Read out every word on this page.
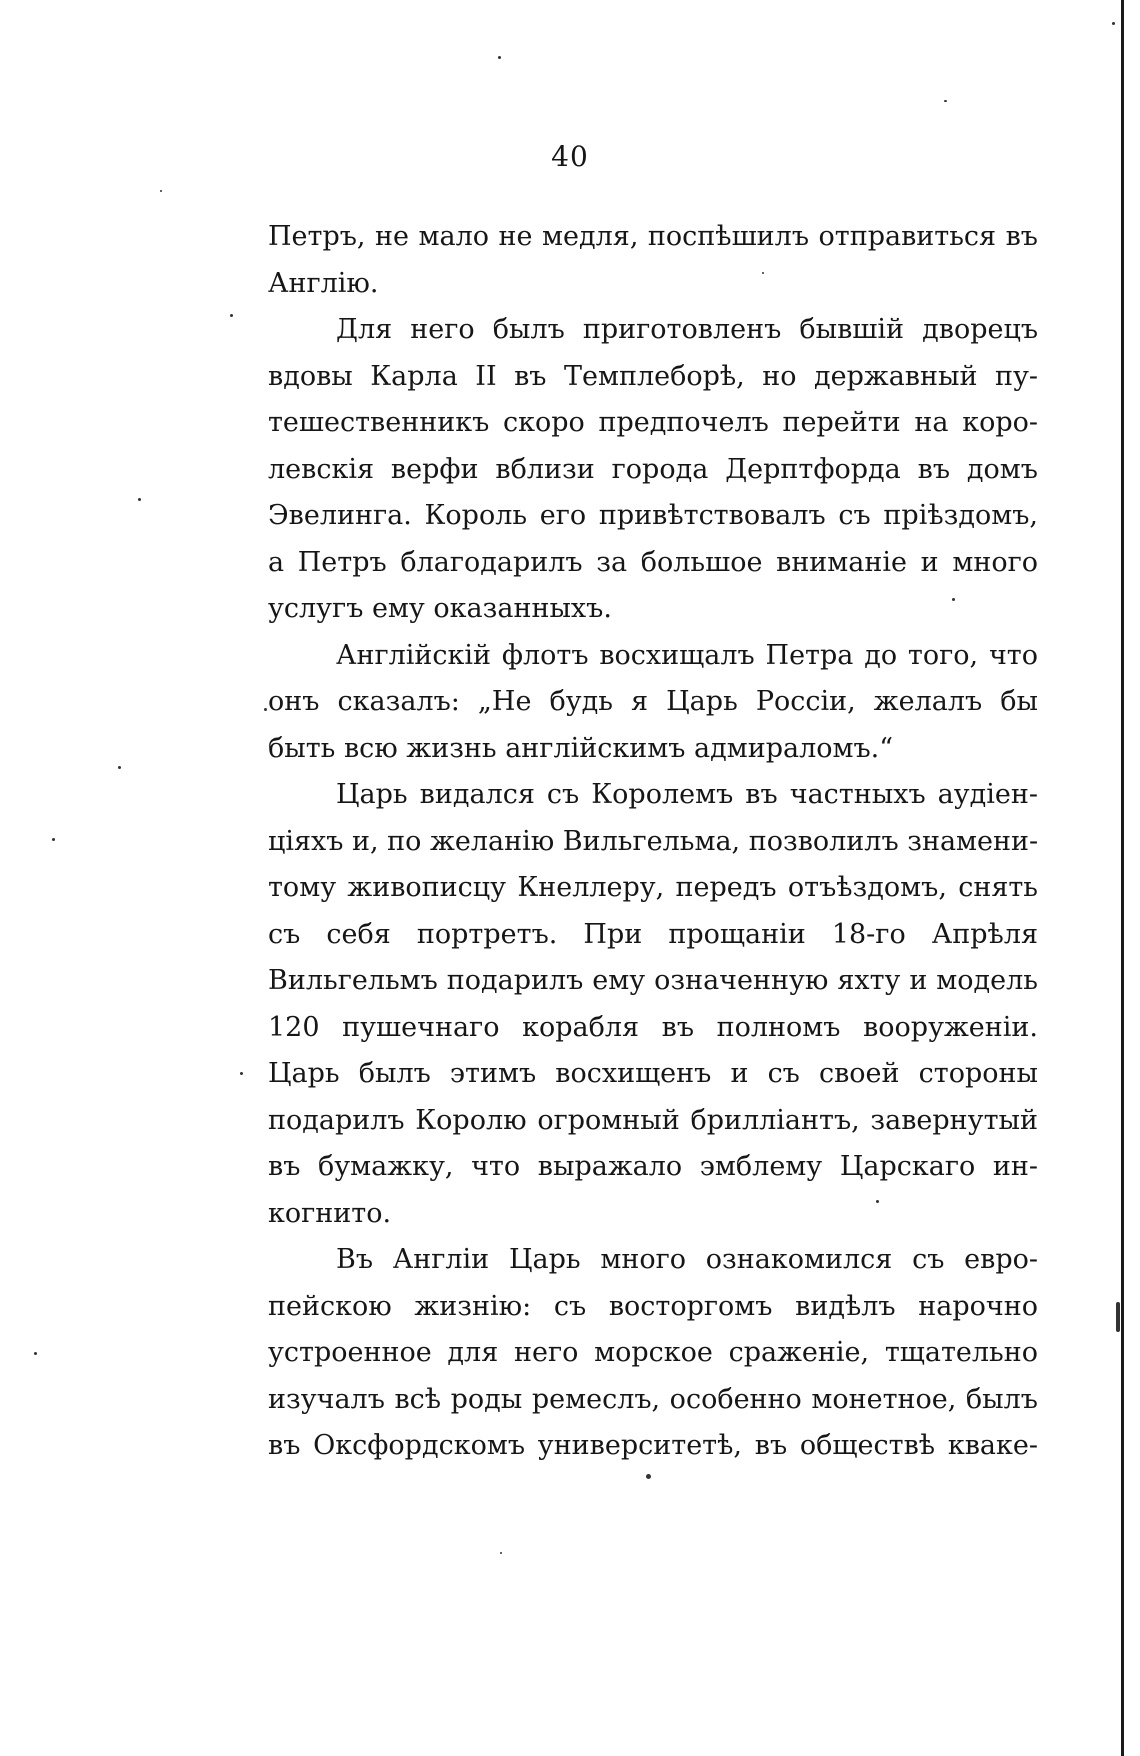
40
Петръ, не мало не медля, поспѣшилъ отправиться въ
Англію.
Для него былъ приготовленъ бывшій дворецъ
вдовы Карла II въ Темплеборѣ, но державный пу-
тешественникъ скоро предпочелъ перейти на коро-
левскія верфи вблизи города Дерптфорда въ домъ
Эвелинга. Король его привѣтствовалъ съ пріѣздомъ,
а Петръ благодарилъ за большое вниманіе и много
услугъ ему оказанныхъ.
Англійскій флотъ восхищалъ Петра до того, что
онъ сказалъ: „Не будь я Царь Россіи, желалъ бы
быть всю жизнь англійскимъ адмираломъ.“
Царь видался съ Королемъ въ частныхъ аудіен-
ціяхъ и, по желанію Вильгельма, позволилъ знамени-
тому живописцу Кнеллеру, передъ отъѣздомъ, снять
съ себя портретъ. При прощаніи 18-го Апрѣля
Вильгельмъ подарилъ ему означенную яхту и модель
120 пушечнаго корабля въ полномъ вооруженіи.
Царь былъ этимъ восхищенъ и съ своей стороны
подарилъ Королю огромный брилліантъ, завернутый
въ бумажку, что выражало эмблему Царскаго ин-
когнито.
Въ Англіи Царь много ознакомился съ евро-
пейскою жизнію: съ восторгомъ видѣлъ нарочно
устроенное для него морское сраженіе, тщательно
изучалъ всѣ роды ремеслъ, особенно монетное, былъ
въ Оксфордскомъ университетѣ, въ обществѣ кваке-
